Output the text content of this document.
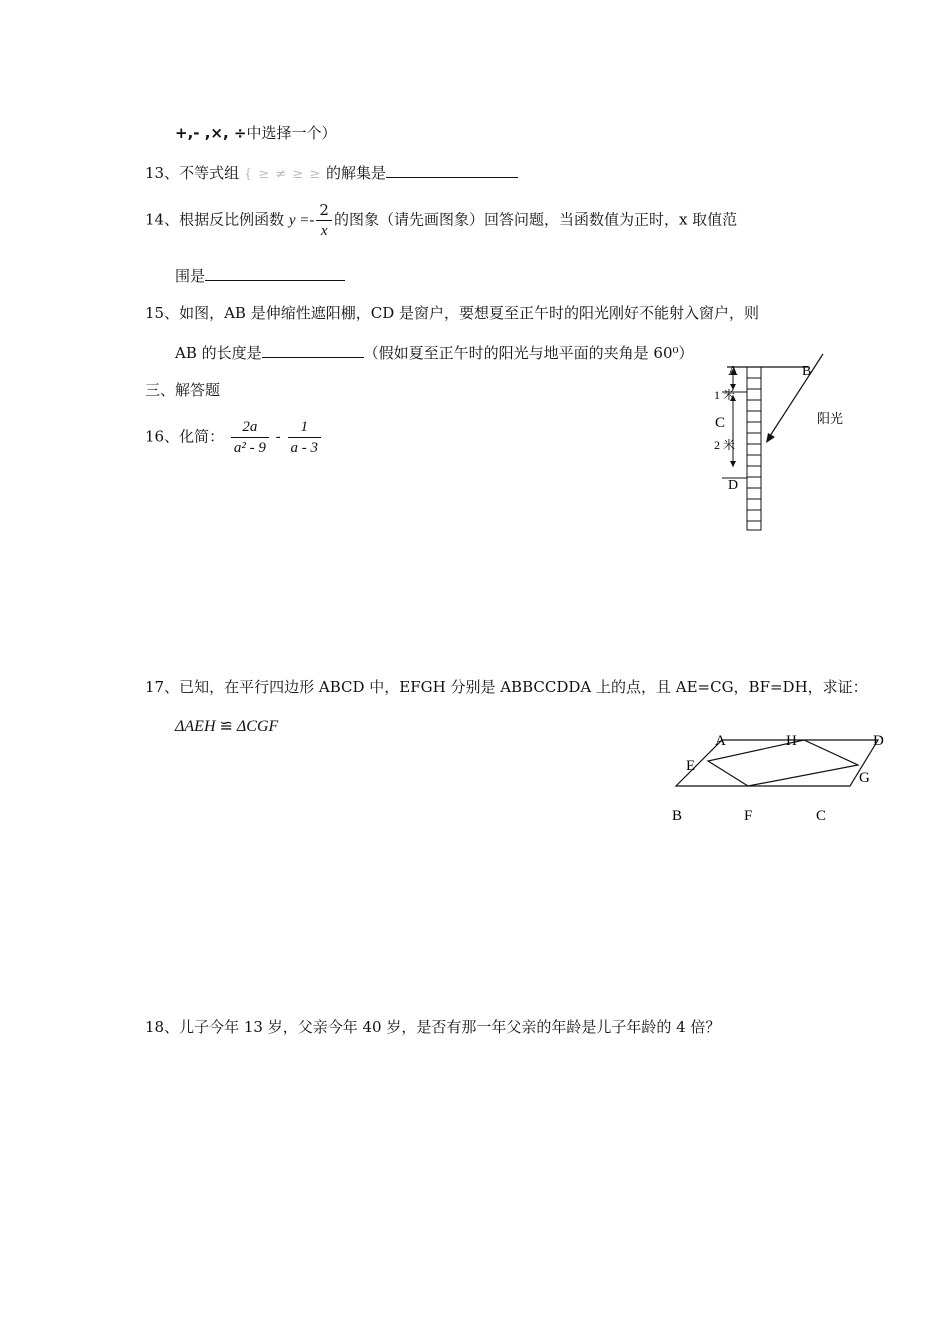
+,- ,×, ÷中选择一个）
13、不等式组 { ≥ ≠ ≥ ≥ 的解集是
14、根据反比例函数 $y =- \frac{2}{x}$ 的图象（请先画图象）回答问题，当函数值为正时，x 取值范
围是
15、如图，AB 是伸缩性遮阳棚，CD 是窗户，要想夏至正午时的阳光刚好不能射入窗户，则
AB 的长度是	（假如夏至正午时的阳光与地平面的夹角是 60⁰）
三、解答题
16、化简： $\frac{2a}{\text{a² - 9}} - \frac{1}{a - 3}$
17、已知，在平行四边形 ABCD 中，EFGH 分别是 ABBCCDDA 上的点，且 AE=CG，BF=DH，求证：
ΔAEH ≌ ΔCGF
18、儿子今年 13 岁，父亲今年 40 岁，是否有那一年父亲的年龄是儿子年龄的 4 倍？
A	B
C
D
1 米
2 米
阳光
A	H	D
E
G
B	F	C
